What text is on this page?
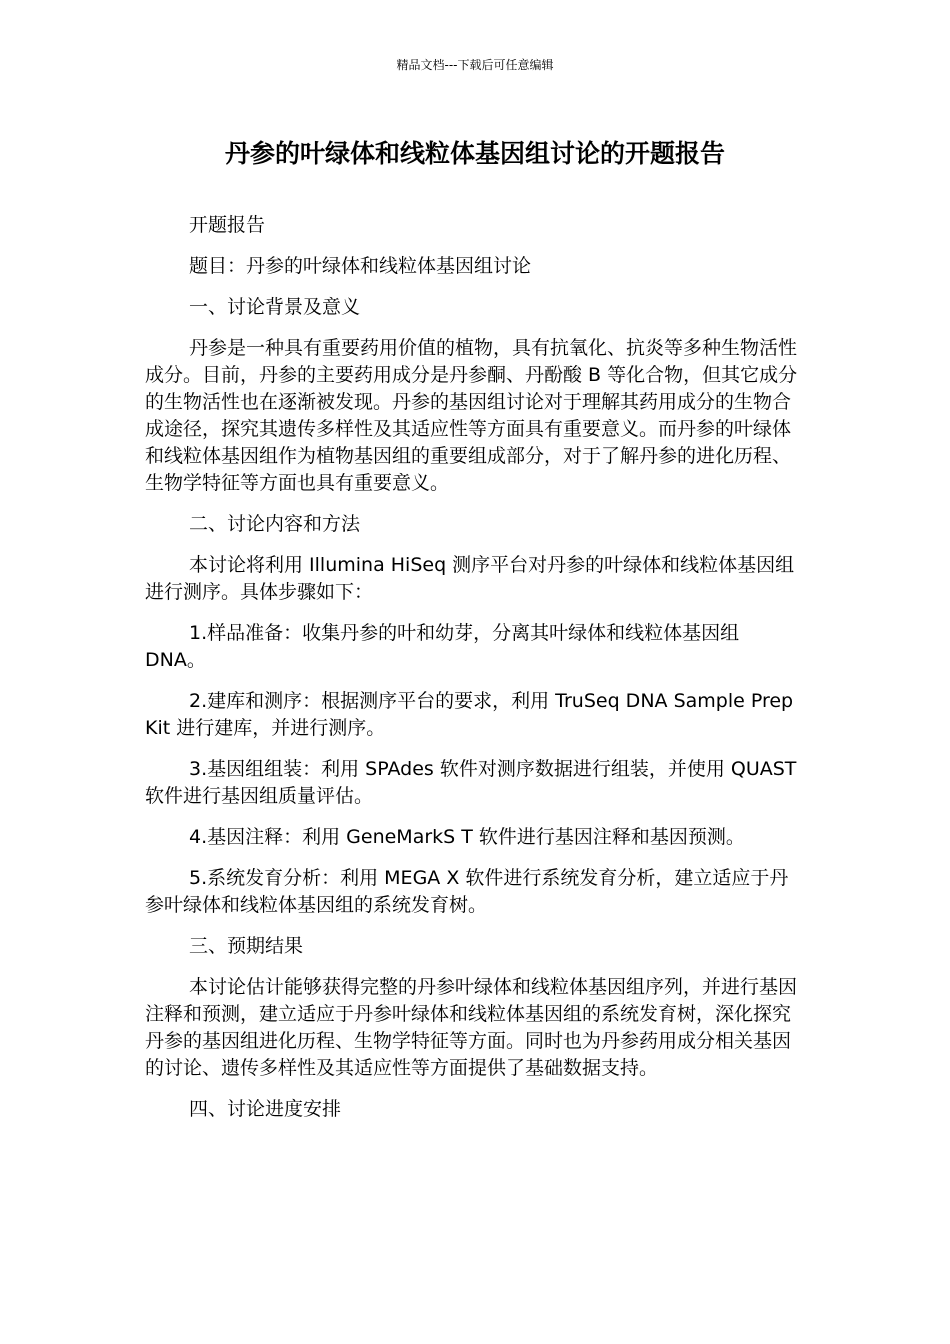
精品文档---下载后可任意编辑
丹参的叶绿体和线粒体基因组讨论的开题报告

开题报告

题目：丹参的叶绿体和线粒体基因组讨论

一、讨论背景及意义

丹参是一种具有重要药用价值的植物，具有抗氧化、抗炎等多种生物活性成分。目前，丹参的主要药用成分是丹参酮、丹酚酸 B 等化合物，但其它成分的生物活性也在逐渐被发现。丹参的基因组讨论对于理解其药用成分的生物合成途径，探究其遗传多样性及其适应性等方面具有重要意义。而丹参的叶绿体和线粒体基因组作为植物基因组的重要组成部分，对于了解丹参的进化历程、生物学特征等方面也具有重要意义。

二、讨论内容和方法

本讨论将利用 Illumina HiSeq 测序平台对丹参的叶绿体和线粒体基因组进行测序。具体步骤如下：

1.样品准备：收集丹参的叶和幼芽，分离其叶绿体和线粒体基因组 DNA。

2.建库和测序：根据测序平台的要求，利用 TruSeq DNA Sample Prep Kit 进行建库，并进行测序。

3.基因组组装：利用 SPAdes 软件对测序数据进行组装，并使用 QUAST 软件进行基因组质量评估。

4.基因注释：利用 GeneMarkS T 软件进行基因注释和基因预测。

5.系统发育分析：利用 MEGA X 软件进行系统发育分析，建立适应于丹参叶绿体和线粒体基因组的系统发育树。

三、预期结果

本讨论估计能够获得完整的丹参叶绿体和线粒体基因组序列，并进行基因注释和预测，建立适应于丹参叶绿体和线粒体基因组的系统发育树，深化探究丹参的基因组进化历程、生物学特征等方面。同时也为丹参药用成分相关基因的讨论、遗传多样性及其适应性等方面提供了基础数据支持。

四、讨论进度安排
